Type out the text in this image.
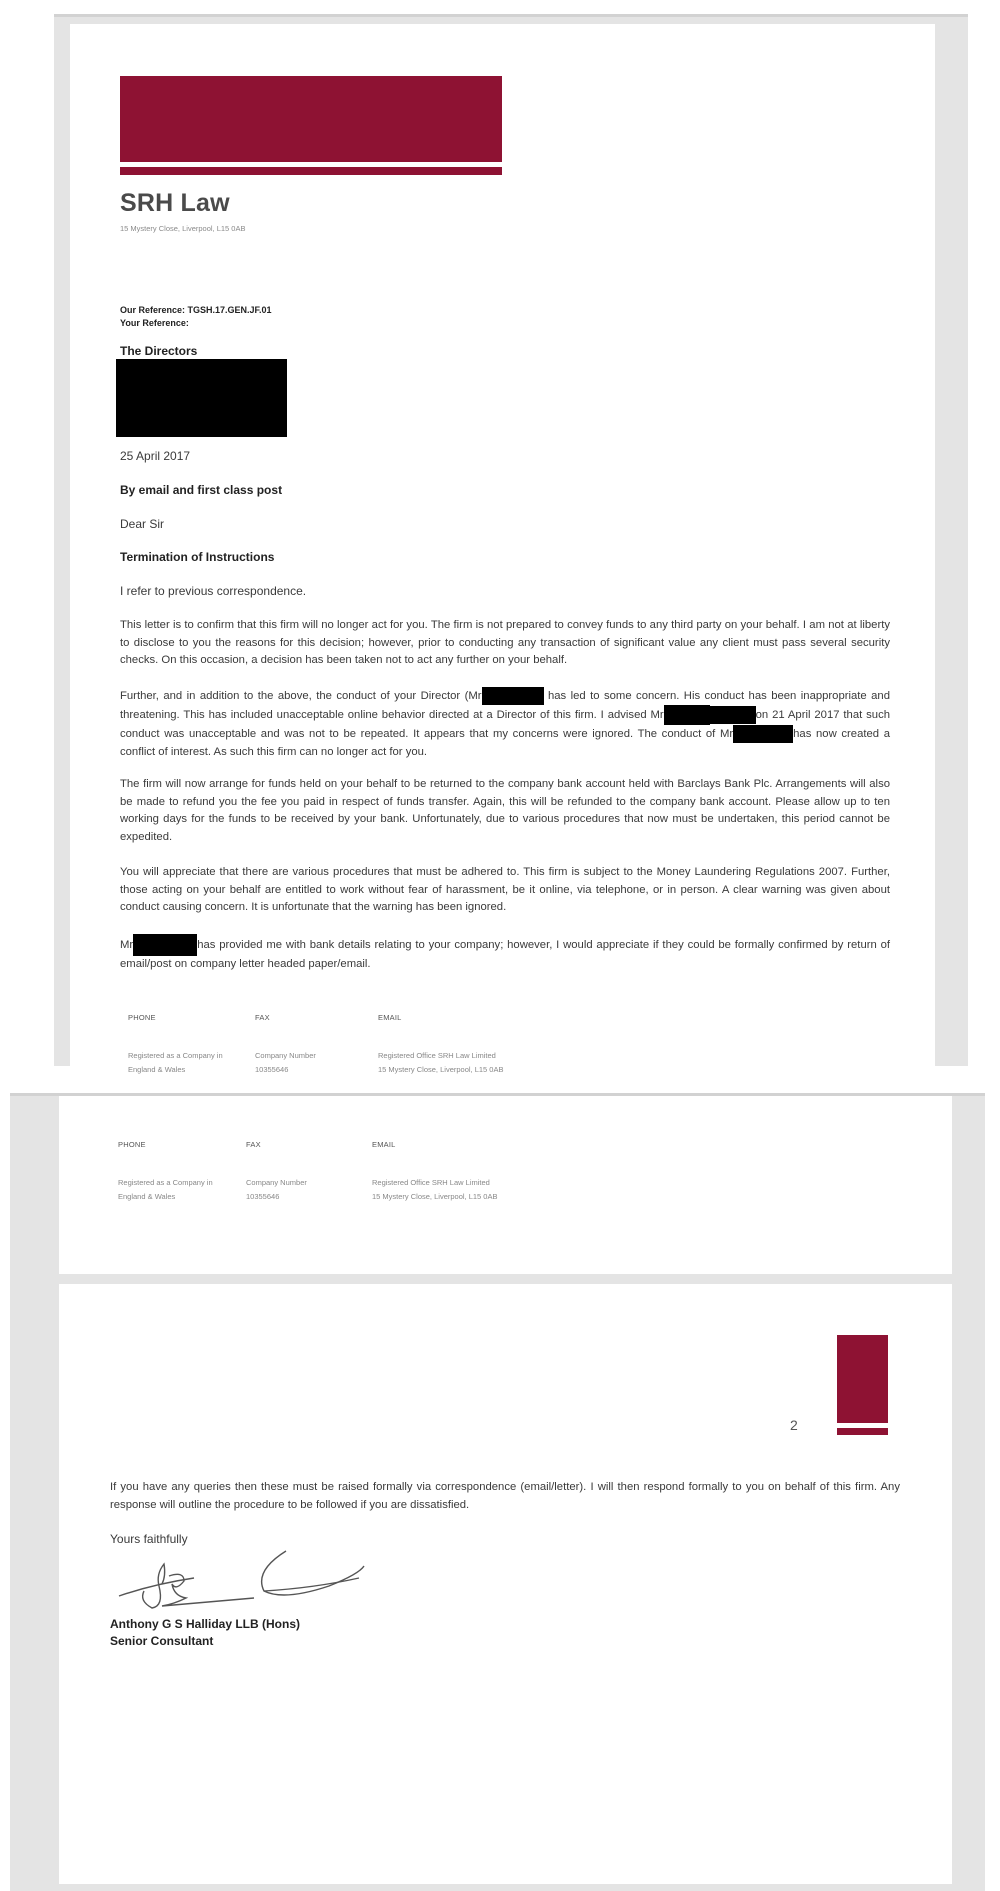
SRH Law
15 Mystery Close, Liverpool, L15 0AB
Our Reference: TGSH.17.GEN.JF.01
Your Reference:
The Directors
25 April 2017
By email and first class post
Dear Sir
Termination of Instructions
I refer to previous correspondence.
This letter is to confirm that this firm will no longer act for you. The firm is not prepared to convey funds to any third party on your behalf. I am not at liberty to disclose to you the reasons for this decision; however, prior to conducting any transaction of significant value any client must pass several security checks. On this occasion, a decision has been taken not to act any further on your behalf.
Further, and in addition to the above, the conduct of your Director (Mr	has led to some concern. His conduct has been inappropriate and threatening. This has included unacceptable online behavior directed at a Director of this firm. I advised Mr	on 21 April 2017 that such conduct was unacceptable and was not to be repeated. It appears that my concerns were ignored. The conduct of Mr	has now created a conflict of interest. As such this firm can no longer act for you.
The firm will now arrange for funds held on your behalf to be returned to the company bank account held with Barclays Bank Plc. Arrangements will also be made to refund you the fee you paid in respect of funds transfer. Again, this will be refunded to the company bank account. Please allow up to ten working days for the funds to be received by your bank. Unfortunately, due to various procedures that now must be undertaken, this period cannot be expedited.
You will appreciate that there are various procedures that must be adhered to. This firm is subject to the Money Laundering Regulations 2007. Further, those acting on your behalf are entitled to work without fear of harassment, be it online, via telephone, or in person. A clear warning was given about conduct causing concern. It is unfortunate that the warning has been ignored.
Mr	has provided me with bank details relating to your company; however, I would appreciate if they could be formally confirmed by return of email/post on company letter headed paper/email.
PHONE	FAX	EMAIL
Registered as a Company in
England & Wales
Company Number
10355646
Registered Office SRH Law Limited
15 Mystery Close, Liverpool, L15 0AB
PHONE	FAX	EMAIL
Registered as a Company in
England & Wales
Company Number
10355646
Registered Office SRH Law Limited
15 Mystery Close, Liverpool, L15 0AB
2
If you have any queries then these must be raised formally via correspondence (email/letter). I will then respond formally to you on behalf of this firm. Any response will outline the procedure to be followed if you are dissatisfied.
Yours faithfully
Anthony G S Halliday LLB (Hons)
Senior Consultant
